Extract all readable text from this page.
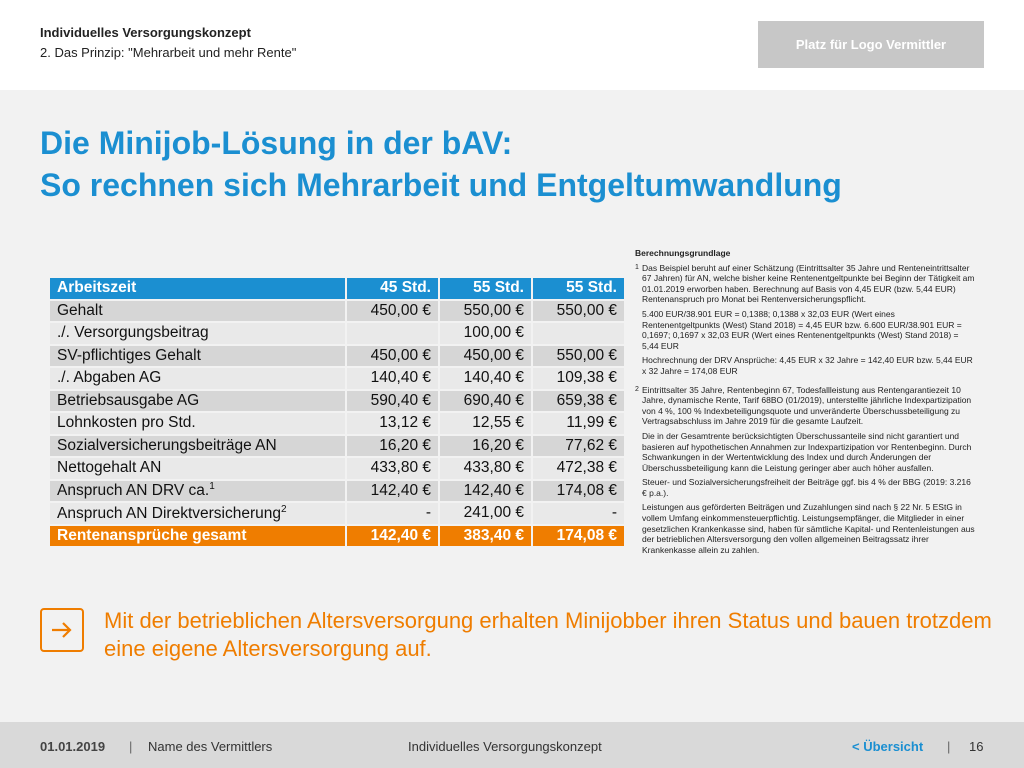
Individuelles Versorgungskonzept
2. Das Prinzip: "Mehrarbeit und mehr Rente"
Platz für Logo Vermittler
Die Minijob-Lösung in der bAV:
So rechnen sich Mehrarbeit und Entgeltumwandlung
Arbeitszeit	45 Std.	55 Std.	55 Std.
Gehalt	450,00 €	550,00 €	550,00 €
./. Versorgungsbeitrag		100,00 €	
SV-pflichtiges Gehalt	450,00 €	450,00 €	550,00 €
./. Abgaben AG	140,40 €	140,40 €	109,38 €
Betriebsausgabe AG	590,40 €	690,40 €	659,38 €
Lohnkosten pro Std.	13,12 €	12,55 €	11,99 €
Sozialversicherungsbeiträge AN	16,20 €	16,20 €	77,62 €
Nettogehalt AN	433,80 €	433,80 €	472,38 €
Anspruch AN DRV ca.$^1$	142,40 €	142,40 €	174,08 €
Anspruch AN Direktversicherung$^2$	-	241,00 €	-
Rentenansprüche gesamt	142,40 €	383,40 €	174,08 €
Berechnungsgrundlage
1 Das Beispiel beruht auf einer Schätzung (Eintrittsalter 35 Jahre und Renteneintrittsalter 67 Jahren) für AN, welche bisher keine Rentenentgeltpunkte bei Beginn der Tätigkeit am 01.01.2019 erworben haben. Berechnung auf Basis von 4,45 EUR (bzw. 5,44 EUR) Rentenanspruch pro Monat bei Rentenversicherungspflicht.

5.400 EUR/38.901 EUR = 0,1388; 0,1388 x 32,03 EUR (Wert eines Rentenentgeltpunkts (West) Stand 2018) = 4,45 EUR bzw. 6.600 EUR/38.901 EUR = 0,1697; 0,1697 x 32,03 EUR (Wert eines Rentenentgeltpunkts (West) Stand 2018) = 5,44 EUR

Hochrechnung der DRV Ansprüche: 4,45 EUR x 32 Jahre = 142,40 EUR bzw. 5,44 EUR x 32 Jahre = 174,08 EUR

2 Eintrittsalter 35 Jahre, Rentenbeginn 67, Todesfallleistung aus Rentengarantiezeit 10 Jahre, dynamische Rente, Tarif 68BO (01/2019), unterstellte jährliche Indexpartizipation von 4 %, 100 % Indexbeteiligungsquote und unveränderte Überschussbeteiligung zu Vertragsabschluss im Jahre 2019 für die gesamte Laufzeit.

Die in der Gesamtrente berücksichtigten Überschussanteile sind nicht garantiert und basieren auf hypothetischen Annahmen zur Indexpartizipation vor Rentenbeginn. Durch Schwankungen in der Wertentwicklung des Index und durch Änderungen der Überschussbeteiligung kann die Leistung geringer aber auch höher ausfallen.

Steuer- und Sozialversicherungsfreiheit der Beiträge ggf. bis 4 % der BBG (2019: 3.216 € p.a.).

Leistungen aus geförderten Beiträgen und Zuzahlungen sind nach § 22 Nr. 5 EStG in vollem Umfang einkommensteuerpflichtig. Leistungsempfänger, die Mitglieder in einer gesetzlichen Krankenkasse sind, haben für sämtliche Kapital- und Rentenleistungen aus der betrieblichen Altersversorgung den vollen allgemeinen Beitragssatz ihrer Krankenkasse allein zu zahlen.

Mit der betrieblichen Altersversorgung erhalten Minijobber ihren Status und bauen trotzdem eine eigene Altersversorgung auf.
01.01.2019 | Name des Vermittlers	Individuelles Versorgungskonzept	< Übersicht | 16
